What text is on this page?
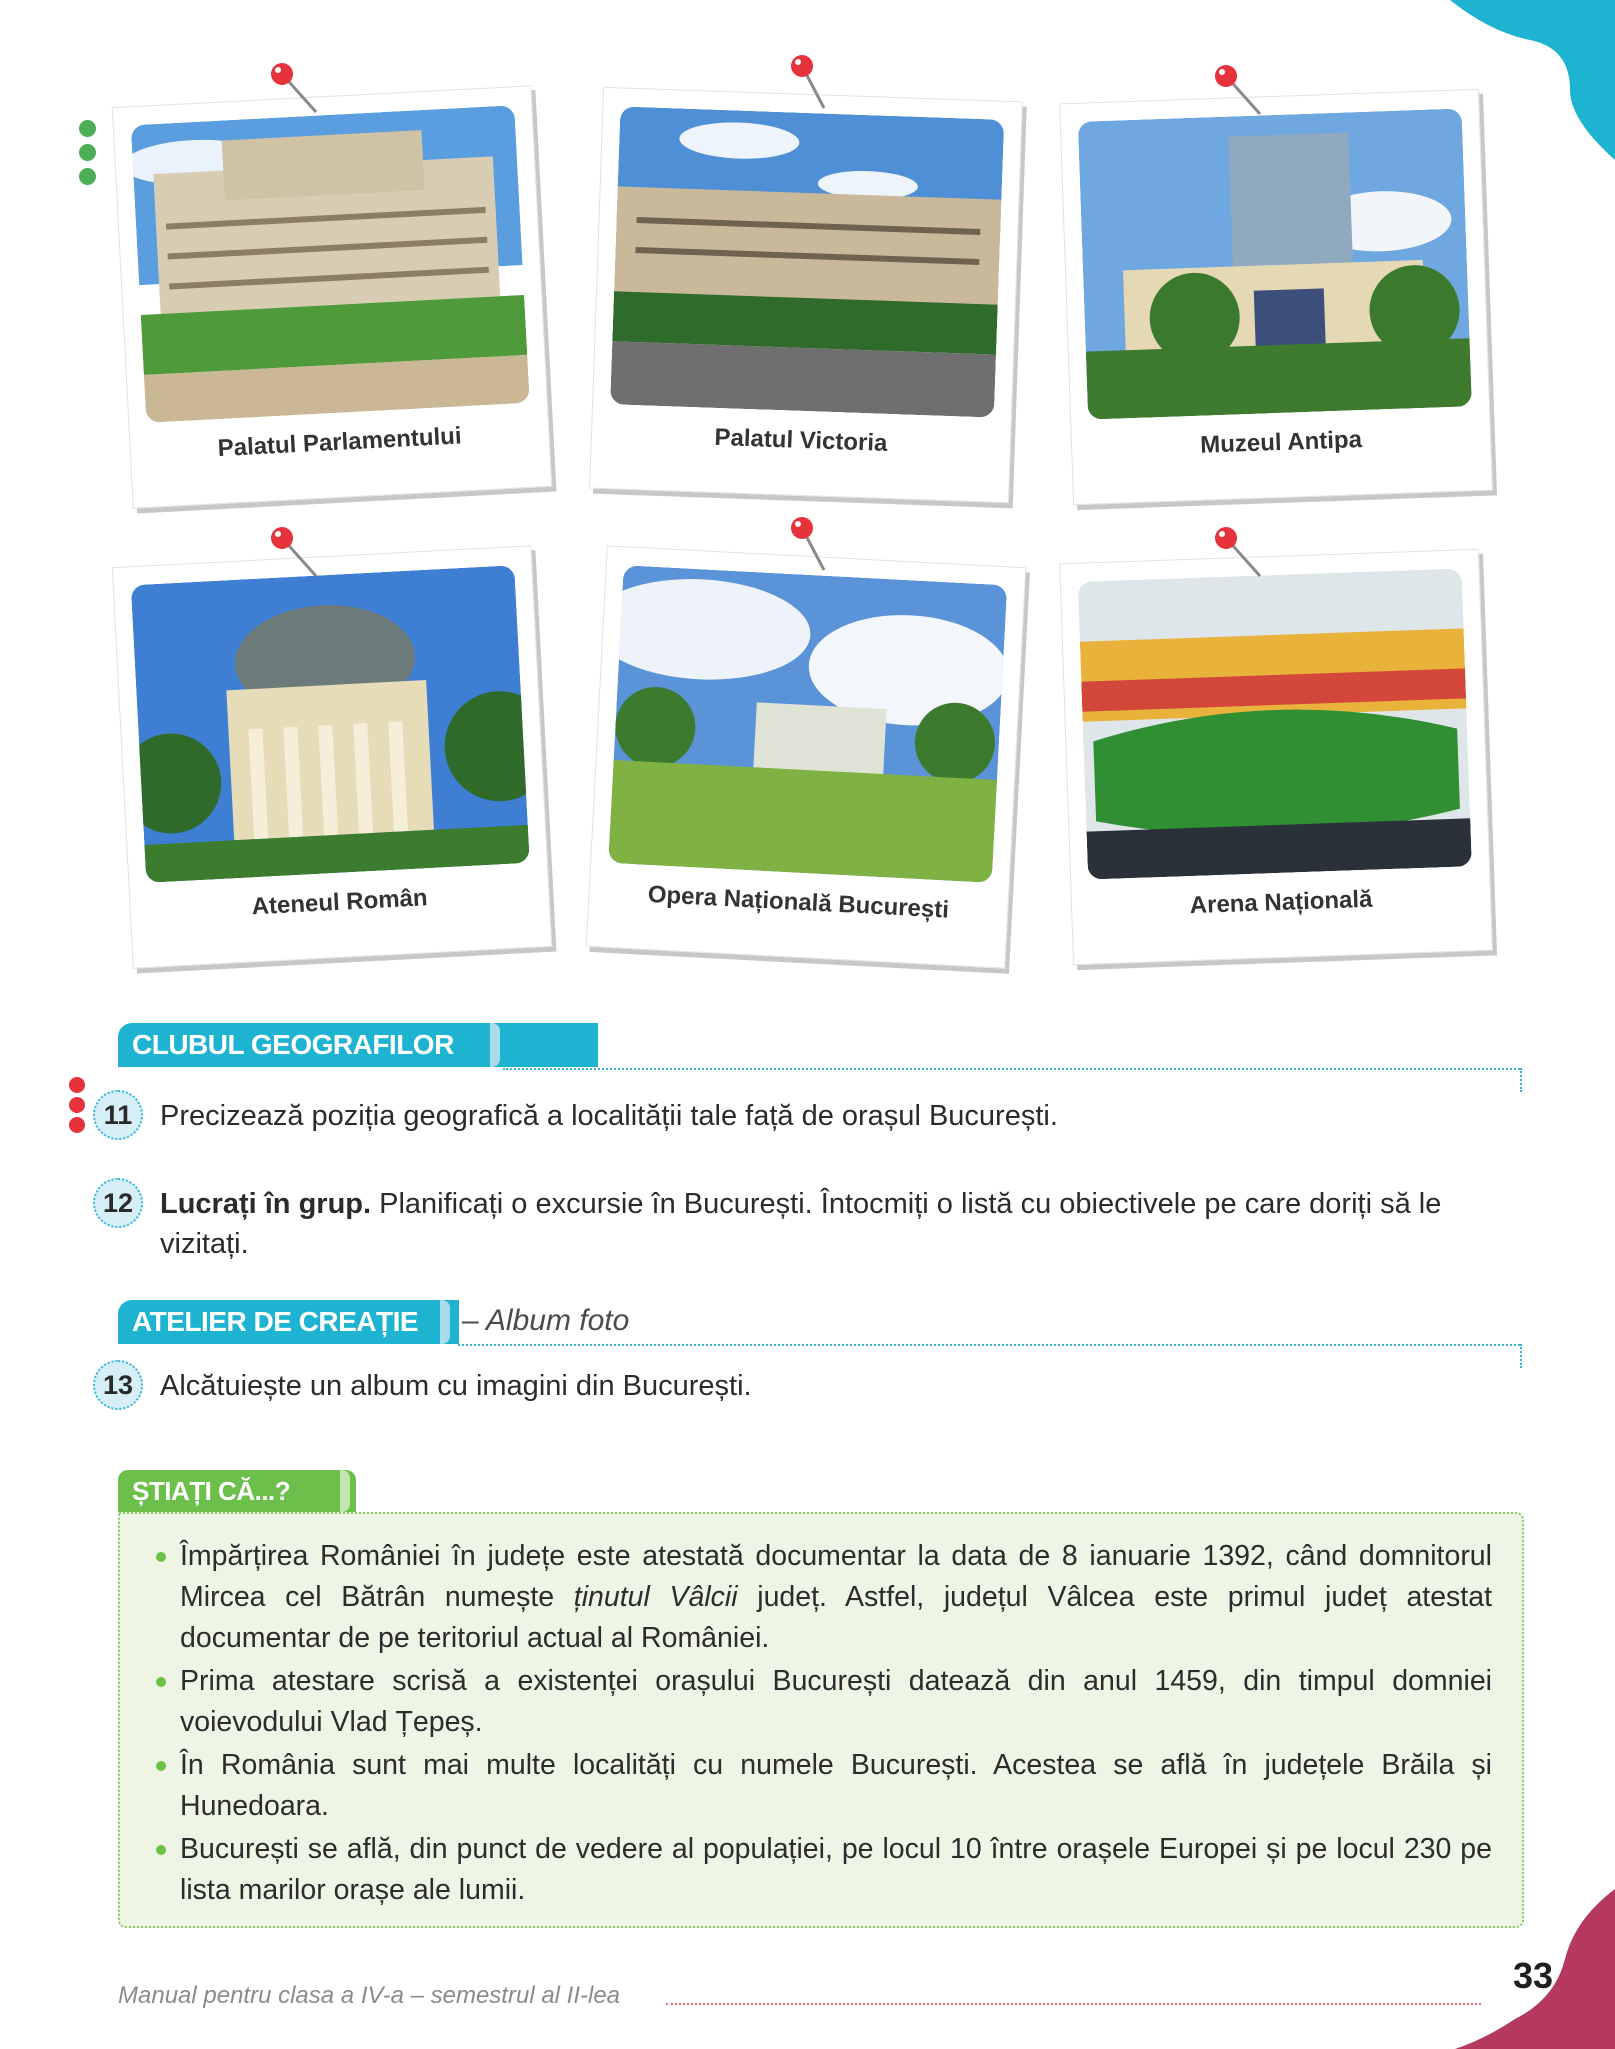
Palatul Parlamentului	Palatul Victoria	Muzeul Antipa
Ateneul Român	Opera Națională București	Arena Națională
CLUBUL GEOGRAFILOR
11 Precizează poziția geografică a localității tale față de orașul București.
12 Lucrați în grup. Planificați o excursie în București. Întocmiți o listă cu obiectivele pe care doriți să le vizitați.
ATELIER DE CREAȚIE	– Album foto
13 Alcătuiește un album cu imagini din București.
ȘTIAȚI CĂ...?
Împărțirea României în județe este atestată documentar la data de 8 ianuarie 1392, când domnitorul Mircea cel Bătrân numește ținutul Vâlcii județ. Astfel, județul Vâlcea este primul județ atestat documentar de pe teritoriul actual al României.
Prima atestare scrisă a existenței orașului București datează din anul 1459, din timpul domniei voievodului Vlad Țepeș.
În România sunt mai multe localități cu numele București. Acestea se află în județele Brăila și Hunedoara.
București se află, din punct de vedere al populației, pe locul 10 între orașele Europei și pe locul 230 pe lista marilor orașe ale lumii.
Manual pentru clasa a IV-a – semestrul al II-lea	33
